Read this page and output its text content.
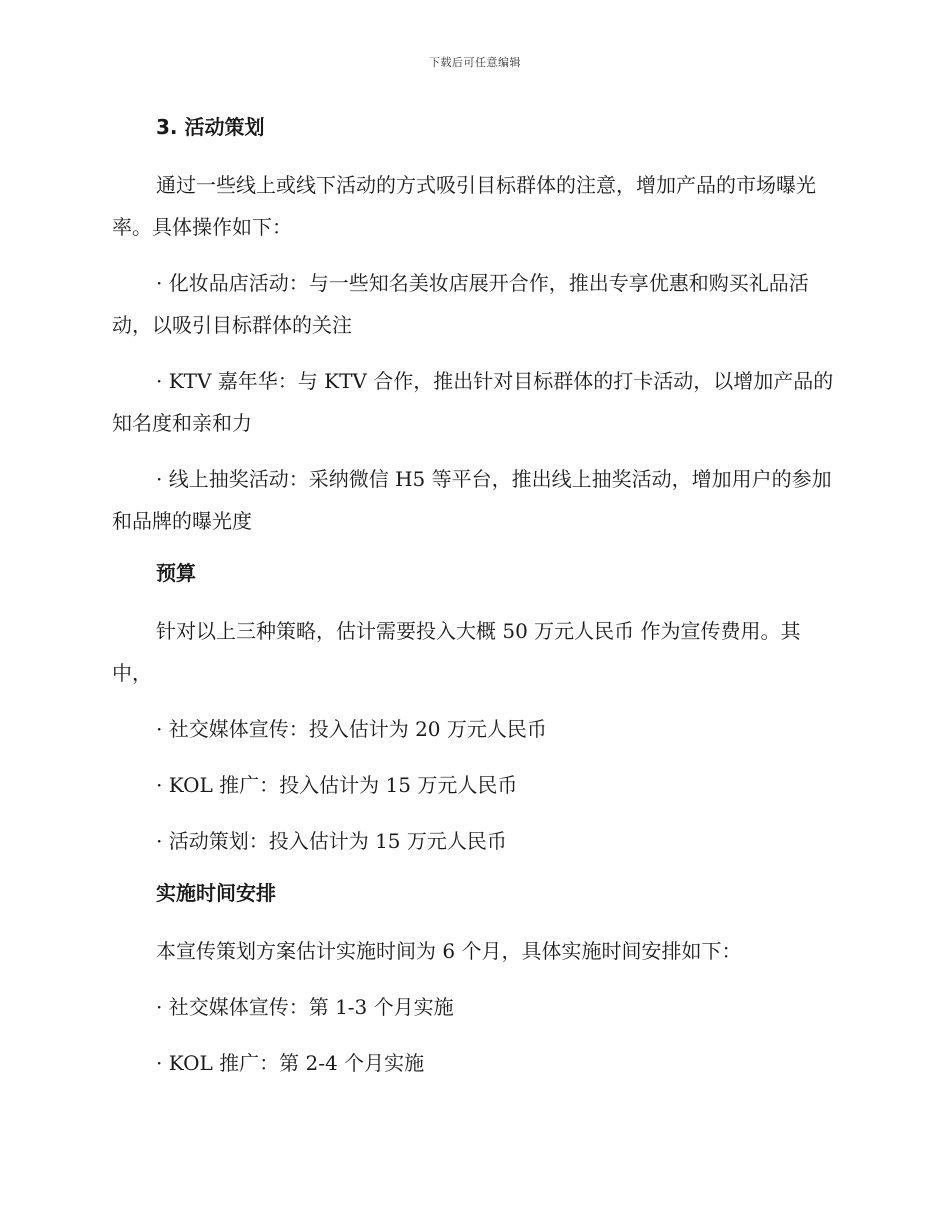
下载后可任意编辑
3. 活动策划
通过一些线上或线下活动的方式吸引目标群体的注意，增加产品的市场曝光率。具体操作如下：
· 化妆品店活动：与一些知名美妆店展开合作，推出专享优惠和购买礼品活动，以吸引目标群体的关注
· KTV 嘉年华：与 KTV 合作，推出针对目标群体的打卡活动，以增加产品的知名度和亲和力
· 线上抽奖活动：采纳微信 H5 等平台，推出线上抽奖活动，增加用户的参加和品牌的曝光度
预算
针对以上三种策略，估计需要投入大概 50 万元人民币 作为宣传费用。其中，
· 社交媒体宣传：投入估计为 20 万元人民币
· KOL 推广：投入估计为 15 万元人民币
· 活动策划：投入估计为 15 万元人民币
实施时间安排
本宣传策划方案估计实施时间为 6 个月，具体实施时间安排如下：
· 社交媒体宣传：第 1-3 个月实施
· KOL 推广：第 2-4 个月实施
